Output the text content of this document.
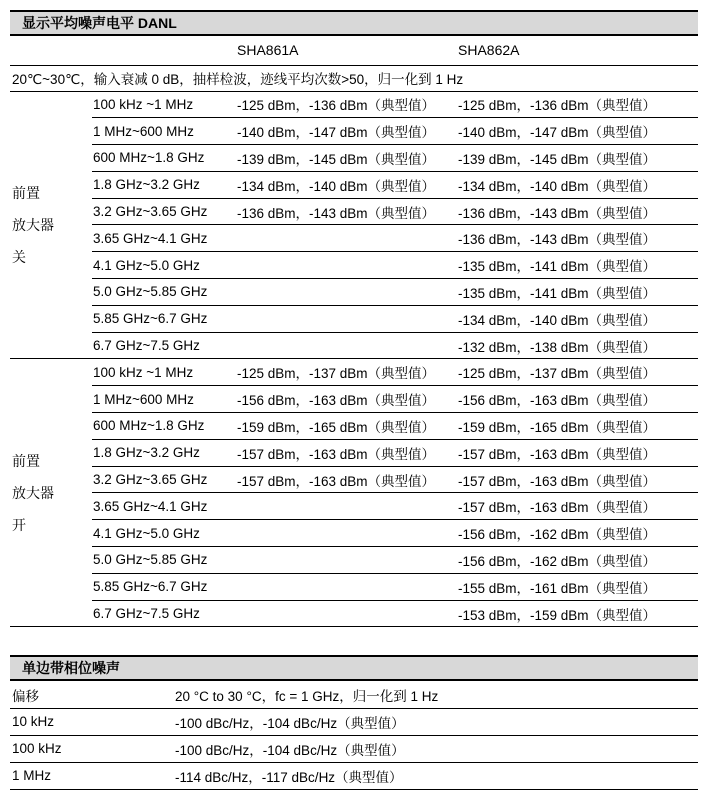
显示平均噪声电平 DANL
		SHA861A	SHA862A
20℃~30℃，输入衰减 0 dB，抽样检波，迹线平均次数>50，归一化到 1 Hz			

前置
放大器
关	100 kHz ~1 MHz	-125 dBm，-136 dBm（典型值）	-125 dBm，-136 dBm（典型值）
	1 MHz~600 MHz	-140 dBm，-147 dBm（典型值）	-140 dBm，-147 dBm（典型值）
	600 MHz~1.8 GHz	-139 dBm，-145 dBm（典型值）	-139 dBm，-145 dBm（典型值）
	1.8 GHz~3.2 GHz	-134 dBm，-140 dBm（典型值）	-134 dBm，-140 dBm（典型值）
	3.2 GHz~3.65 GHz	-136 dBm，-143 dBm（典型值）	-136 dBm，-143 dBm（典型值）
	3.65 GHz~4.1 GHz		-136 dBm，-143 dBm（典型值）
	4.1 GHz~5.0 GHz		-135 dBm，-141 dBm（典型值）
	5.0 GHz~5.85 GHz		-135 dBm，-141 dBm（典型值）
	5.85 GHz~6.7 GHz		-134 dBm，-140 dBm（典型值）
	6.7 GHz~7.5 GHz		-132 dBm，-138 dBm（典型值）

前置
放大器
开	100 kHz ~1 MHz	-125 dBm，-137 dBm（典型值）	-125 dBm，-137 dBm（典型值）
	1 MHz~600 MHz	-156 dBm，-163 dBm（典型值）	-156 dBm，-163 dBm（典型值）
	600 MHz~1.8 GHz	-159 dBm，-165 dBm（典型值）	-159 dBm，-165 dBm（典型值）
	1.8 GHz~3.2 GHz	-157 dBm，-163 dBm（典型值）	-157 dBm，-163 dBm（典型值）
	3.2 GHz~3.65 GHz	-157 dBm，-163 dBm（典型值）	-157 dBm，-163 dBm（典型值）
	3.65 GHz~4.1 GHz		-157 dBm，-163 dBm（典型值）
	4.1 GHz~5.0 GHz		-156 dBm，-162 dBm（典型值）
	5.0 GHz~5.85 GHz		-156 dBm，-162 dBm（典型值）
	5.85 GHz~6.7 GHz		-155 dBm，-161 dBm（典型值）
	6.7 GHz~7.5 GHz		-153 dBm，-159 dBm（典型值）
单边带相位噪声
偏移	20 °C to 30 °C，fc = 1 GHz，归一化到 1 Hz
10 kHz	-100 dBc/Hz，-104 dBc/Hz（典型值）
100 kHz	-100 dBc/Hz，-104 dBc/Hz（典型值）
1 MHz	-114 dBc/Hz，-117 dBc/Hz（典型值）
